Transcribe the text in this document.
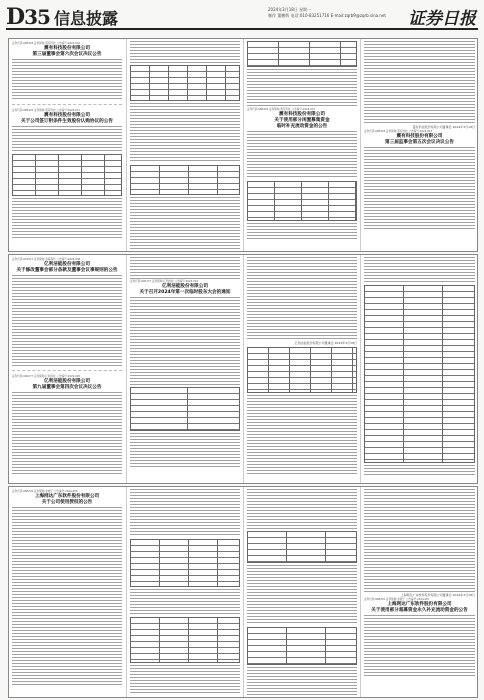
D35 信息披露	2024年3月18日 星期一
制作 董鹏辉 电话:010-83251716 E-mail:zqrb9@zqrb.sina.net 证券日报
证券代码:688418 证券简称:震有科技 公告编号:2024-010
震有科技股份有限公司
第三届董事会第六次会议决议公告
证券代码:688418 证券简称:震有科技 公告编号:2024-011
震有科技股份有限公司
关于公司签订附条件生效股份认购协议的公告
证券代码:688418 证券简称:震有科技 公告编号:2024-012
震有科技股份有限公司
关于使用部分闲置募集资金
临时补充流动资金的公告	震有科技股份有限公司董事会 2024年3月18日
证券代码:688418 证券简称:震有科技 公告编号:2024-013
震有科技股份有限公司
第三届监事会第五次会议决议公告
证券代码:603311 证券简称:金海高科 公告编号:2024-008
亿利洁能股份有限公司
关于修改董事会部分条款及董事会议事规则的公告
证券代码:600277 证券简称:亿利洁能 公告编号:2024-020
亿利洁能股份有限公司
第九届董事会第四次会议决议公告
证券代码:600277 证券简称:亿利洁能 公告编号:2024-019
亿利洁能股份有限公司
关于召开2024年第一次临时股东大会的通知
亿利洁能股份有限公司董事会 2024年3月18日
证券代码:688291 证券简称:金橙子 公告编号:2024-006
上海网达广东软件股份有限公司
关于公司使用授权的公告
上海网达广东软件股份有限公司董事会 2024年3月18日
证券代码:688291 证券简称:金橙子 公告编号:2024-007
上海网达广东软件股份有限公司
关于使用部分超募资金永久补充流动资金的公告
